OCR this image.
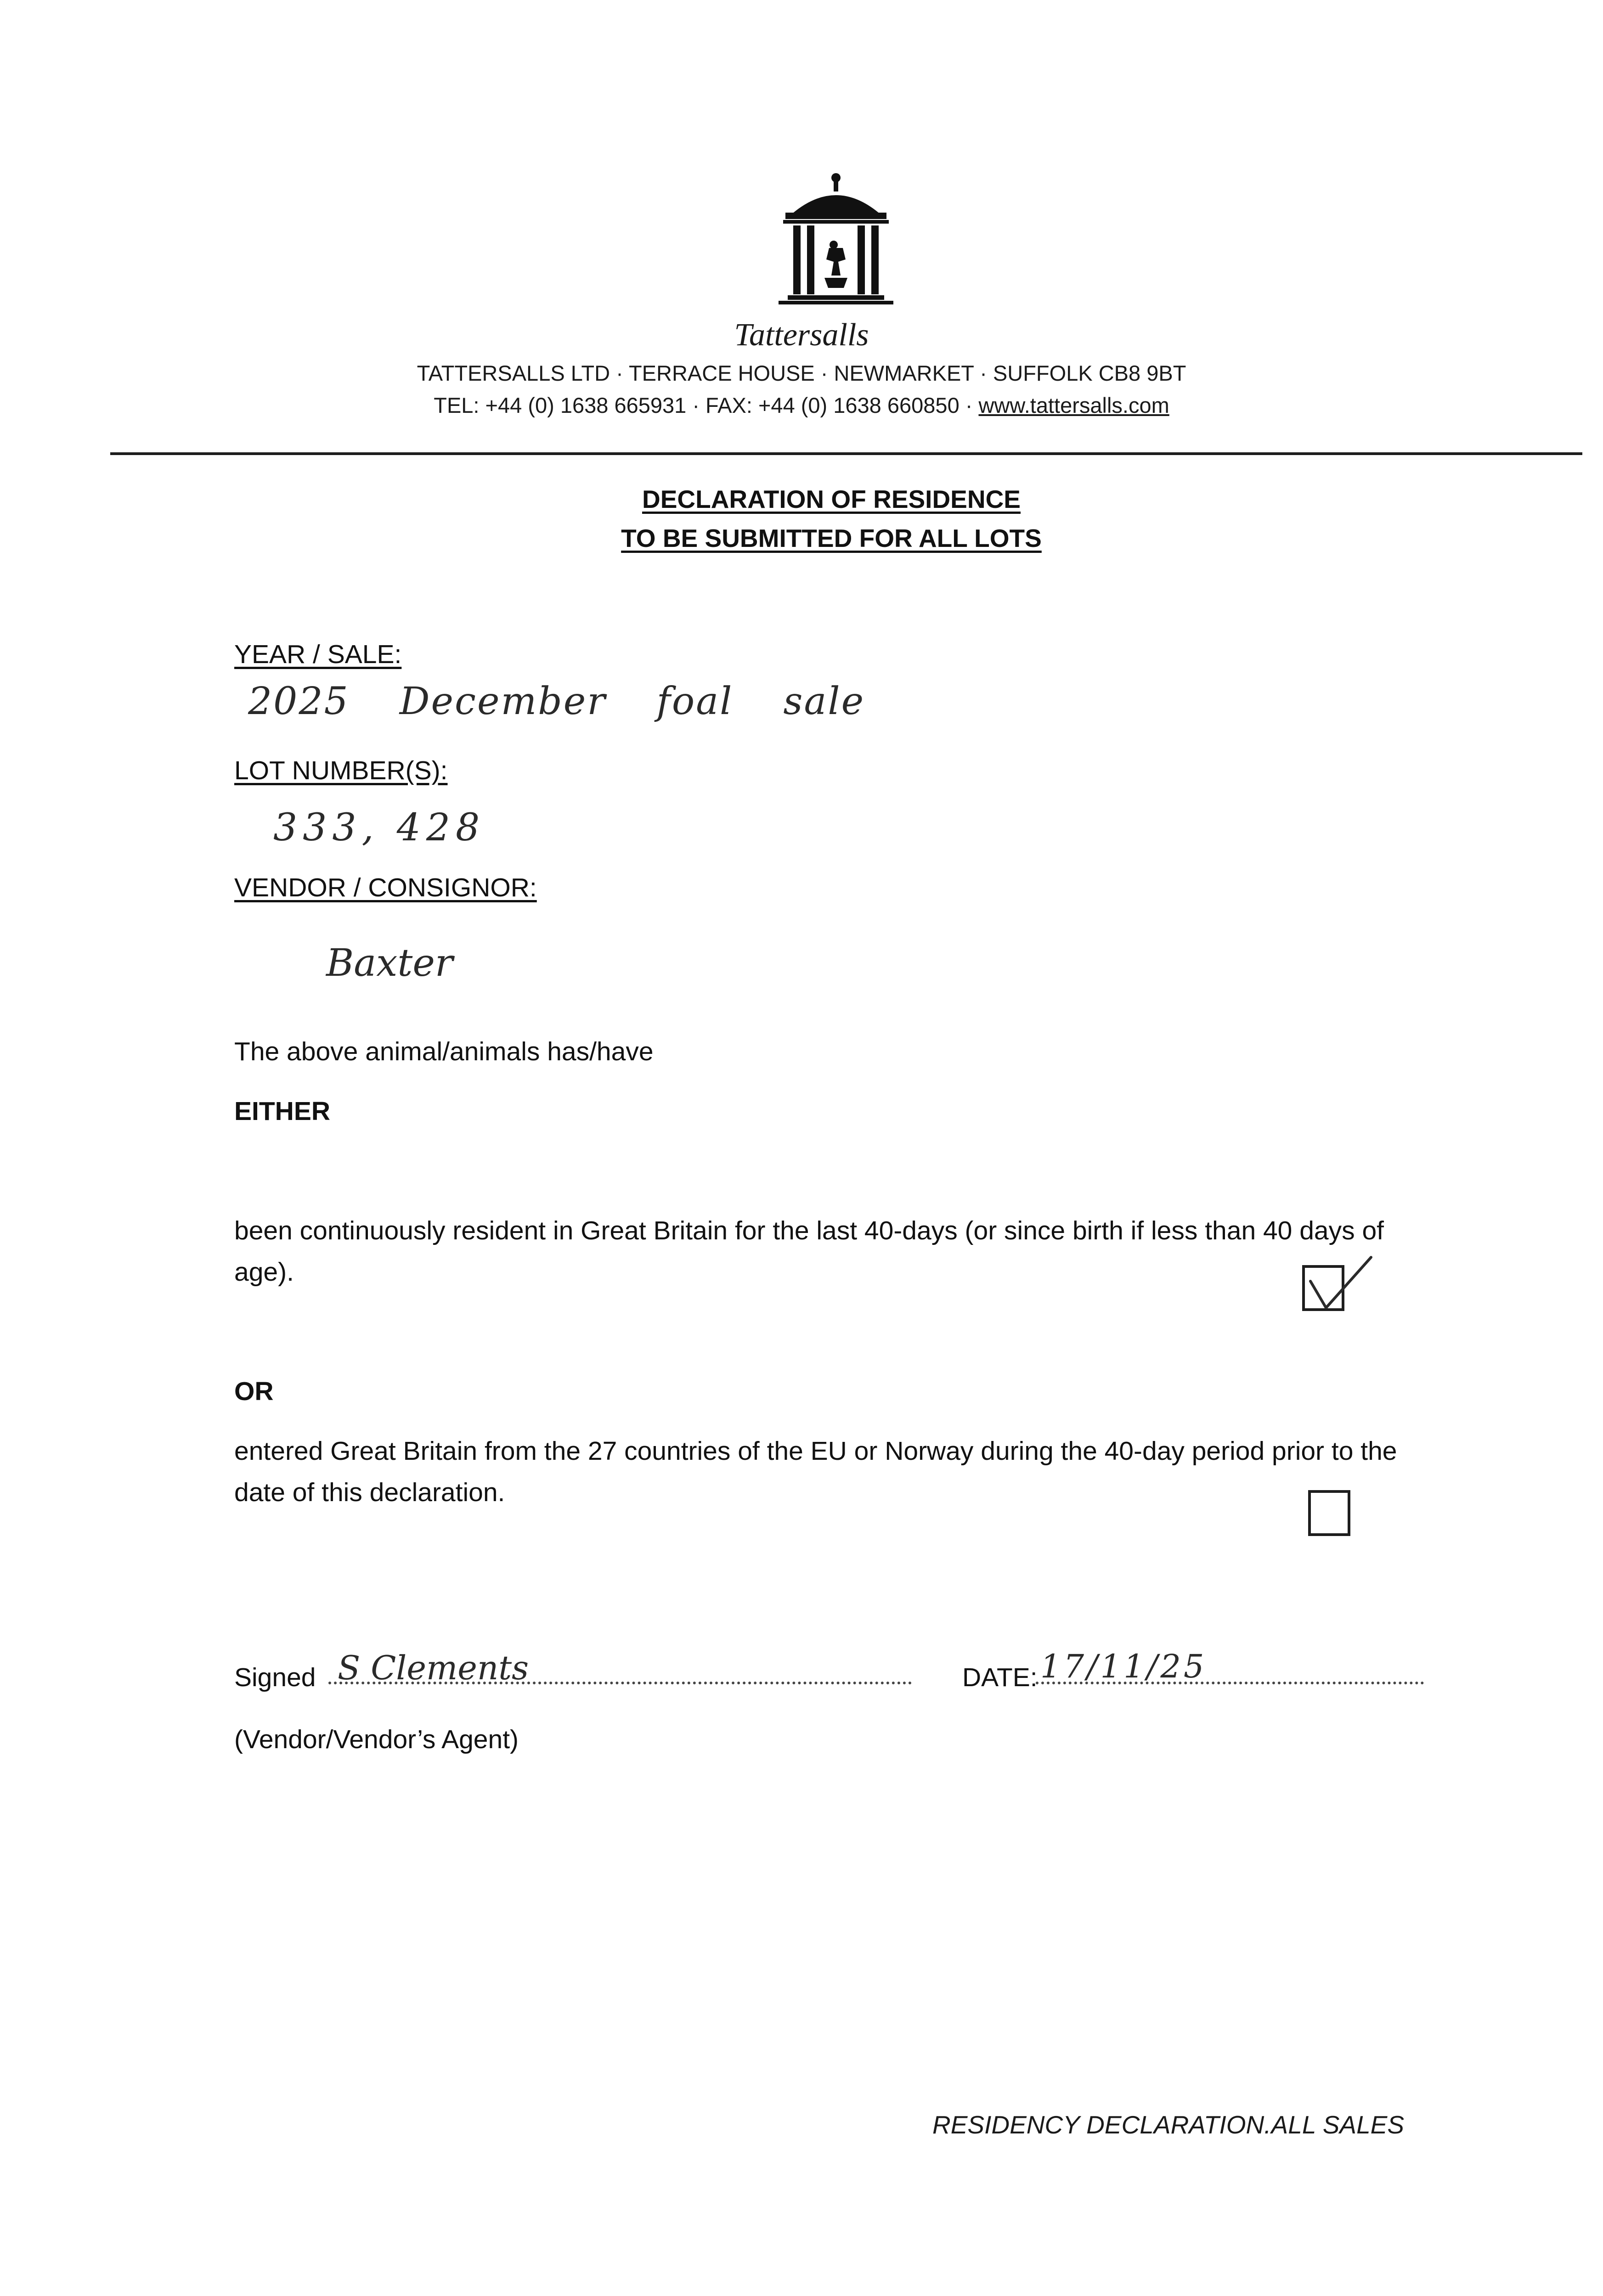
Tattersalls
TATTERSALLS LTD · TERRACE HOUSE · NEWMARKET · SUFFOLK CB8 9BT
TEL: +44 (0) 1638 665931 · FAX: +44 (0) 1638 660850 · www.tattersalls.com
DECLARATION OF RESIDENCE
TO BE SUBMITTED FOR ALL LOTS
YEAR / SALE:
2025 December foal sale
LOT NUMBER(S):
333, 428
VENDOR / CONSIGNOR:
Baxter
The above animal/animals has/have
EITHER
been continuously resident in Great Britain for the last 40-days (or since birth if less than 40 days of age).
OR
entered Great Britain from the 27 countries of the EU or Norway during the 40-day period prior to the date of this declaration.
Signed S Clements	DATE: 17/11/25
(Vendor/Vendor’s Agent)
RESIDENCY DECLARATION.ALL SALES
